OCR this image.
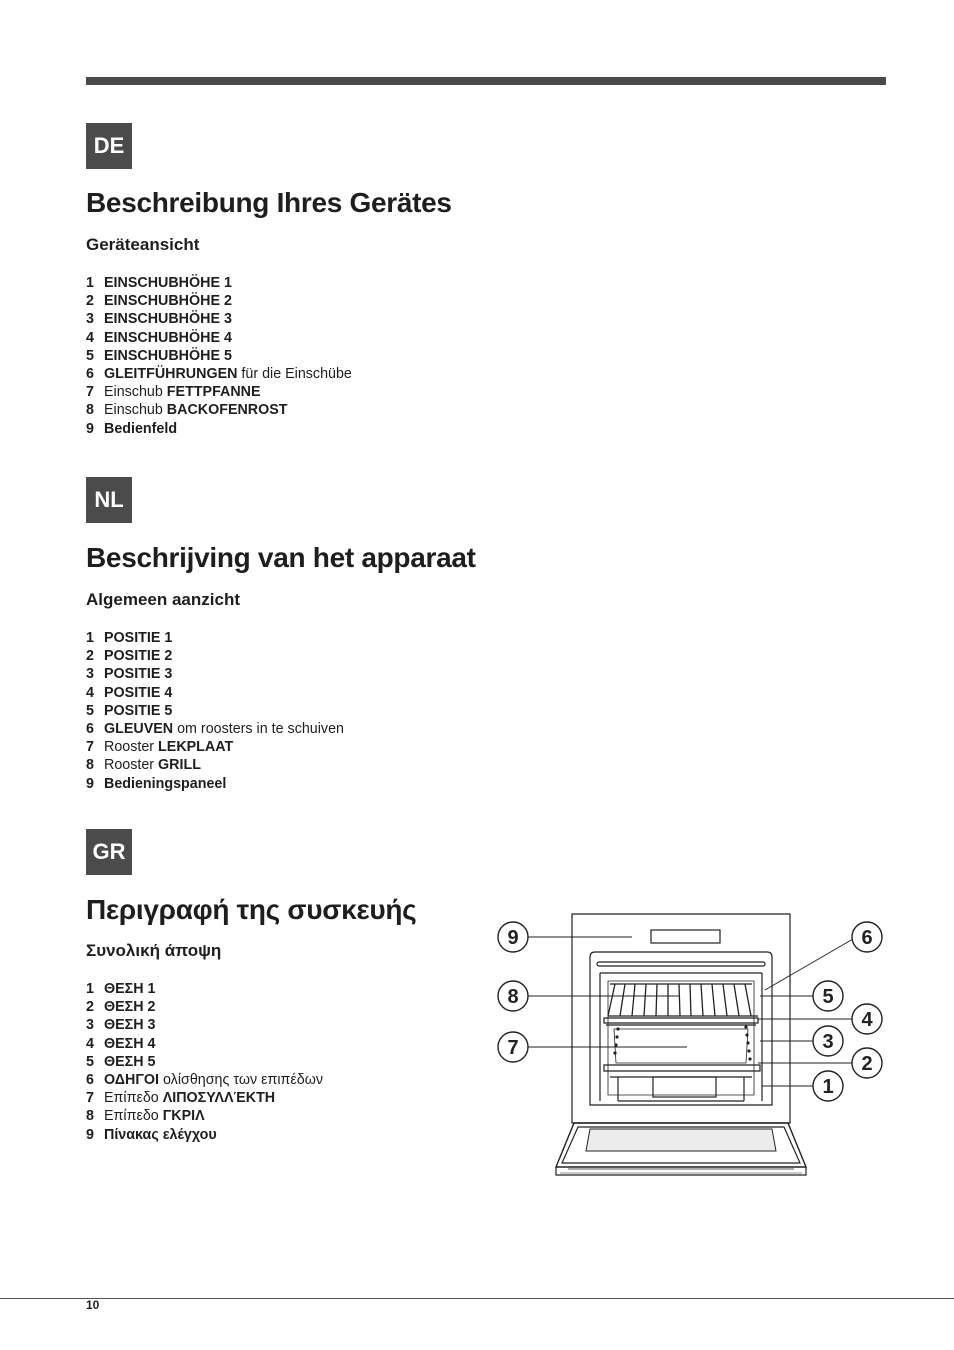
DE
Beschreibung Ihres Gerätes
Geräteansicht
1 EINSCHUBHÖHE 1
2 EINSCHUBHÖHE 2
3 EINSCHUBHÖHE 3
4 EINSCHUBHÖHE 4
5 EINSCHUBHÖHE 5
6 GLEITFÜHRUNGEN für die Einschübe
7 Einschub FETTPFANNE
8 Einschub BACKOFENROST
9 Bedienfeld
NL
Beschrijving van het apparaat
Algemeen aanzicht
1 POSITIE 1
2 POSITIE 2
3 POSITIE 3
4 POSITIE 4
5 POSITIE 5
6 GLEUVEN om roosters in te schuiven
7 Rooster LEKPLAAT
8 Rooster GRILL
9 Bedieningspaneel
GR
Περιγραφή της συσκευής
Συνολική άποψη
1 ΘΕΣΗ 1
2 ΘΕΣΗ 2
3 ΘΕΣΗ 3
4 ΘΕΣΗ 4
5 ΘΕΣΗ 5
6 ΟΔΗΓΟΙ ολίσθησης των επιπέδων
7 Επίπεδο ΛΙΠΟΣΥΛΛΈΚΤΗ
8 Επίπεδο ΓΚΡΙΛ
9 Πίνακας ελέγχου
9
8
7
6
5
4
3
2
1
10
